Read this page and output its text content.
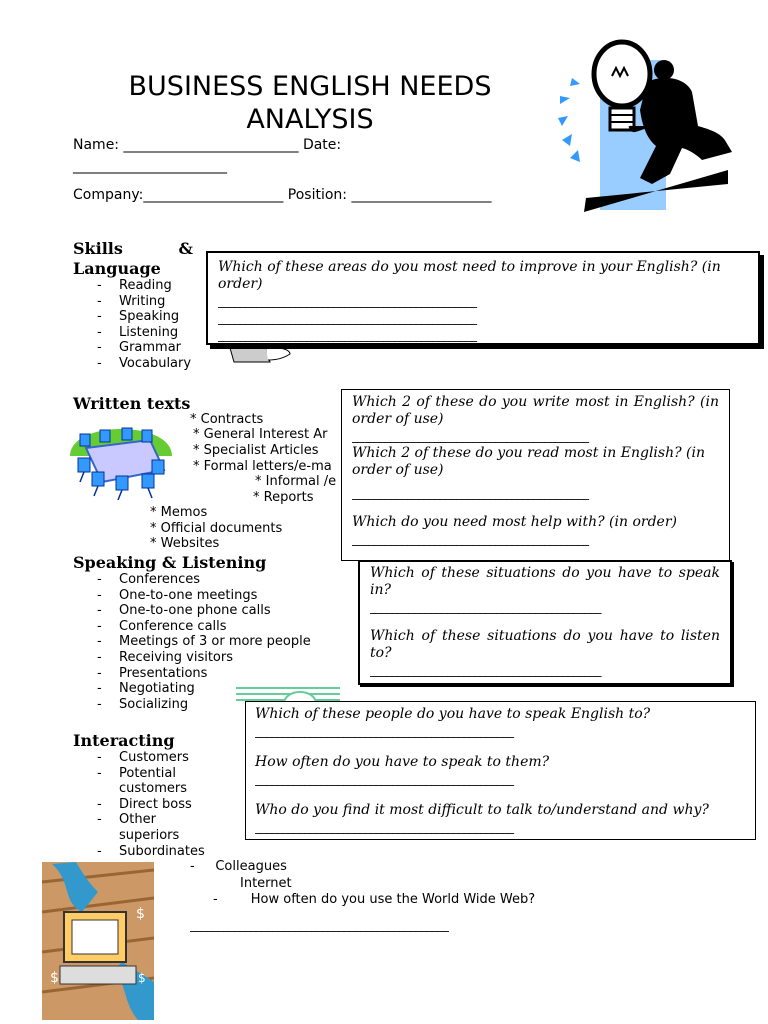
BUSINESS ENGLISH NEEDS
ANALYSIS
Name: _________________________ Date:
______________________
Company:____________________ Position: ____________________
Skills	&
Language
- Reading
- Writing
- Speaking
- Listening
- Grammar
- Vocabulary

Which of these areas do you most need to improve in your English? (in order)

_______________________________________________

_______________________________________________

_______________________________________________

Written texts
* Contracts
* General Interest Ar
* Specialist Articles
* Formal letters/e-ma
* Informal /e
* Reports
* Memos
* Official documents
* Websites

Which 2 of these do you write most in English? (in order of use)

___________________________________________

Which 2 of these do you read most in English? (in order of use)

___________________________________________

Which do you need most help with? (in order)

___________________________________________

Speaking & Listening
- Conferences
- One-to-one meetings
- One-to-one phone calls
- Conference calls
- Meetings of 3 or more people
- Receiving visitors
- Presentations
- Negotiating
- Socializing

Which of these situations do you have to speak in?

__________________________________________

Which of these situations do you have to listen to?

__________________________________________

Interacting
- Customers
- Potential customers
- Direct boss
- Other superiors
- Subordinates

Which of these people do you have to speak English to?

_______________________________________________

How often do you have to speak to them?

_______________________________________________

Who do you find it most difficult to talk to/understand and why?

_______________________________________________

-     Colleagues
Internet
-        How often do you use the World Wide Web?
_______________________________________________
$
$	$
